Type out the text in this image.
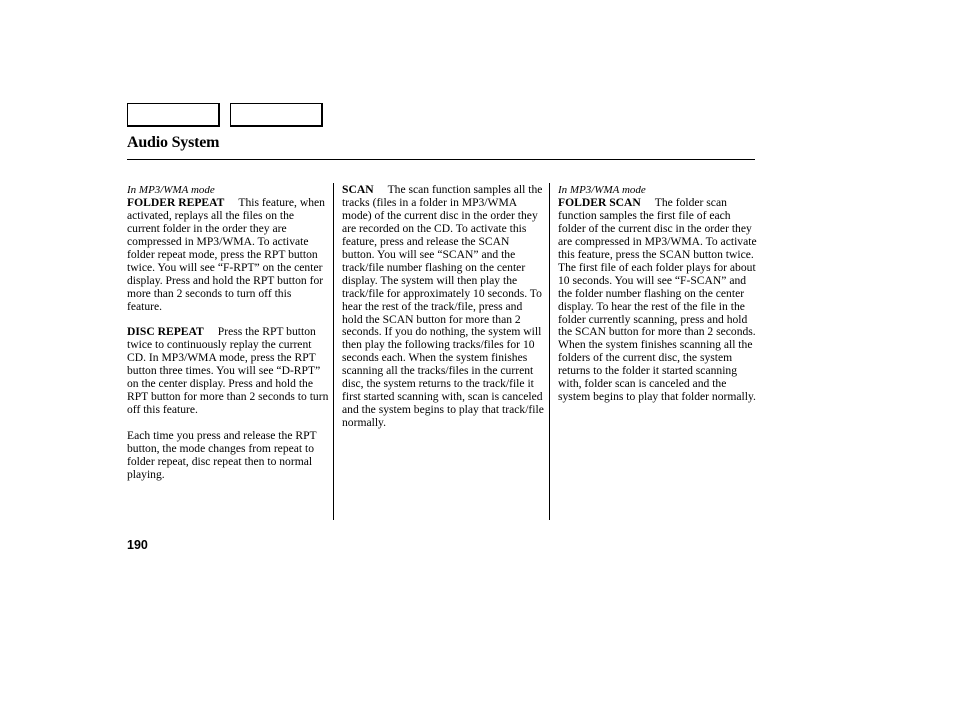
Audio System

In MP3/WMA mode
FOLDER REPEAT This feature, when activated, replays all the files on the current folder in the order they are compressed in MP3/WMA. To activate folder repeat mode, press the RPT button twice. You will see “F-RPT” on the center display. Press and hold the RPT button for more than 2 seconds to turn off this feature.

DISC REPEAT Press the RPT button twice to continuously replay the current CD. In MP3/WMA mode, press the RPT button three times. You will see “D-RPT” on the center display. Press and hold the RPT button for more than 2 seconds to turn off this feature.

Each time you press and release the RPT button, the mode changes from repeat to folder repeat, disc repeat then to normal playing.

SCAN The scan function samples all the tracks (files in a folder in MP3/WMA mode) of the current disc in the order they are recorded on the CD. To activate this feature, press and release the SCAN button. You will see “SCAN” and the track/file number flashing on the center display. The system will then play the track/file for approximately 10 seconds. To hear the rest of the track/file, press and hold the SCAN button for more than 2 seconds. If you do nothing, the system will then play the following tracks/files for 10 seconds each. When the system finishes scanning all the tracks/files in the current disc, the system returns to the track/file it first started scanning with, scan is canceled and the system begins to play that track/file normally.

In MP3/WMA mode
FOLDER SCAN The folder scan function samples the first file of each folder of the current disc in the order they are compressed in MP3/WMA. To activate this feature, press the SCAN button twice. The first file of each folder plays for about 10 seconds. You will see “F-SCAN” and the folder number flashing on the center display. To hear the rest of the file in the folder currently scanning, press and hold the SCAN button for more than 2 seconds. When the system finishes scanning all the folders of the current disc, the system returns to the folder it started scanning with, folder scan is canceled and the system begins to play that folder normally.

190
